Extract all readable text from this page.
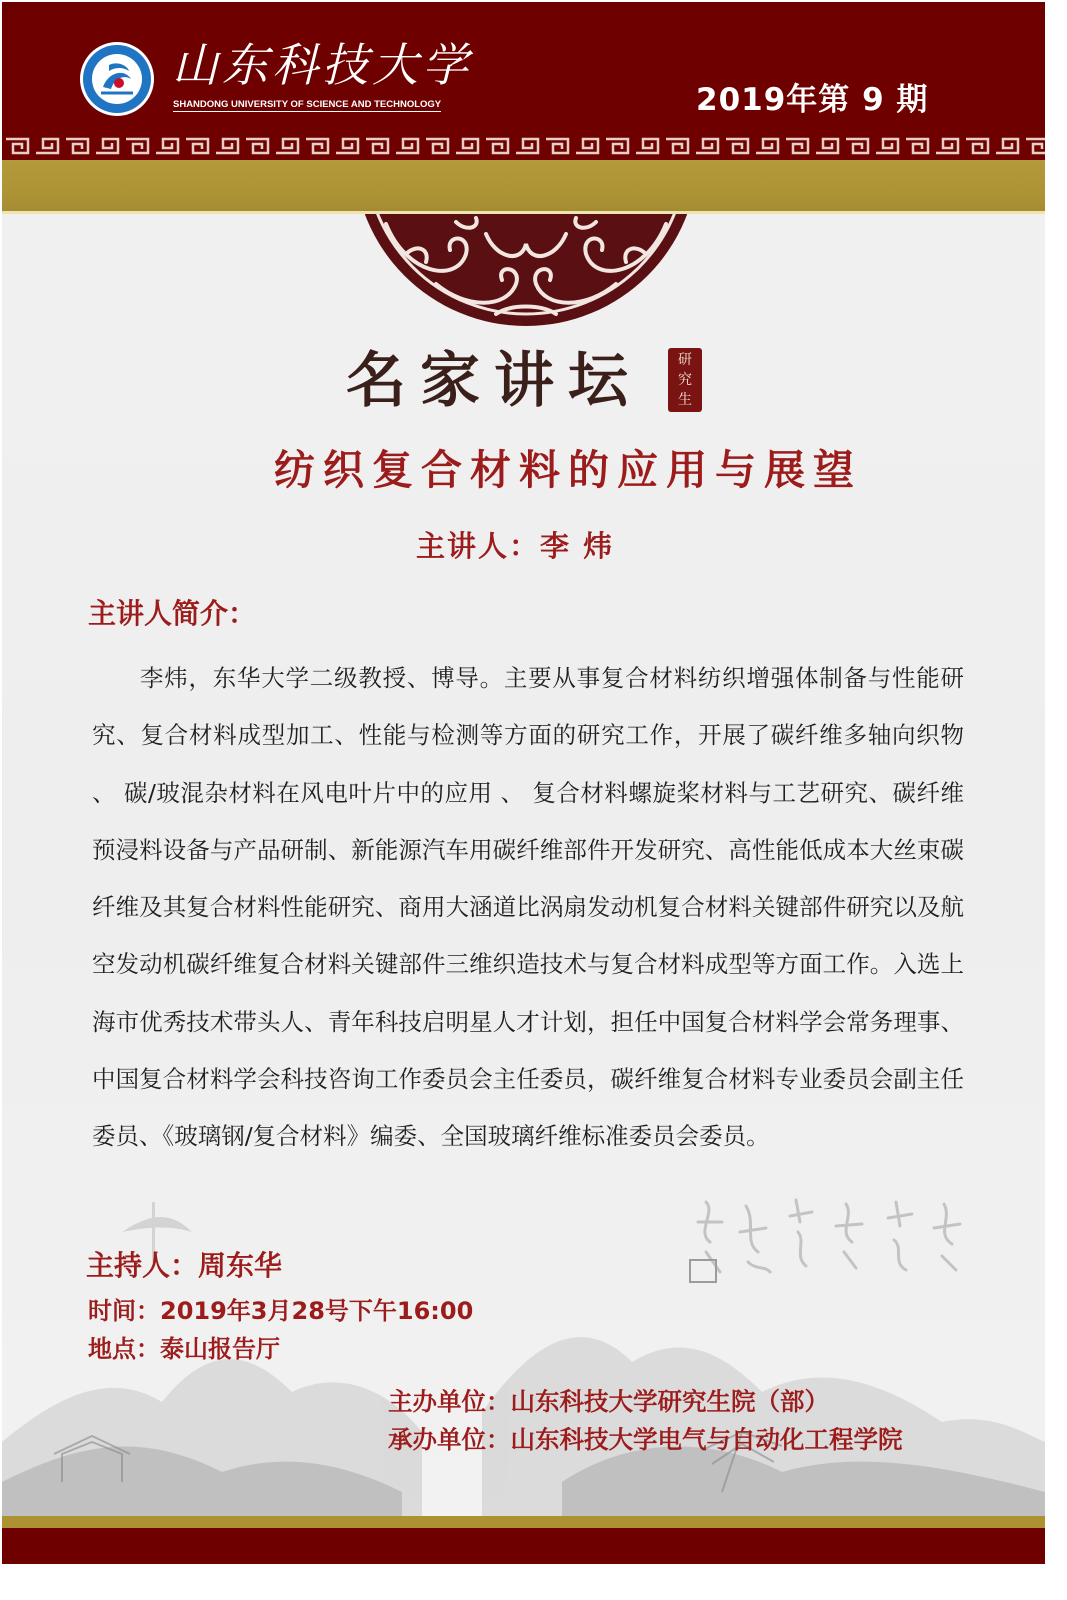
山东科技大学
SHANDONG UNIVERSITY OF SCIENCE AND TECHNOLOGY	2019年第 9 期
名家讲坛	研
究
生
纺织复合材料的应用与展望
主讲人：李 炜
主讲人简介：

李炜，东华大学二级教授、博导。主要从事复合材料纺织增强体制备与性能研究、复合材料成型加工、性能与检测等方面的研究工作，开展了碳纤维多轴向织物 、 碳/玻混杂材料在风电叶片中的应用 、 复合材料螺旋桨材料与工艺研究、碳纤维预浸料设备与产品研制、新能源汽车用碳纤维部件开发研究、高性能低成本大丝束碳纤维及其复合材料性能研究、商用大涵道比涡扇发动机复合材料关键部件研究以及航空发动机碳纤维复合材料关键部件三维织造技术与复合材料成型等方面工作。入选上海市优秀技术带头人、青年科技启明星人才计划，担任中国复合材料学会常务理事、中国复合材料学会科技咨询工作委员会主任委员，碳纤维复合材料专业委员会副主任委员、《玻璃钢/复合材料》编委、全国玻璃纤维标准委员会委员。

主持人：周东华
时间：2019年3月28号下午16:00
地点：泰山报告厅
主办单位：山东科技大学研究生院（部）
承办单位：山东科技大学电气与自动化工程学院
